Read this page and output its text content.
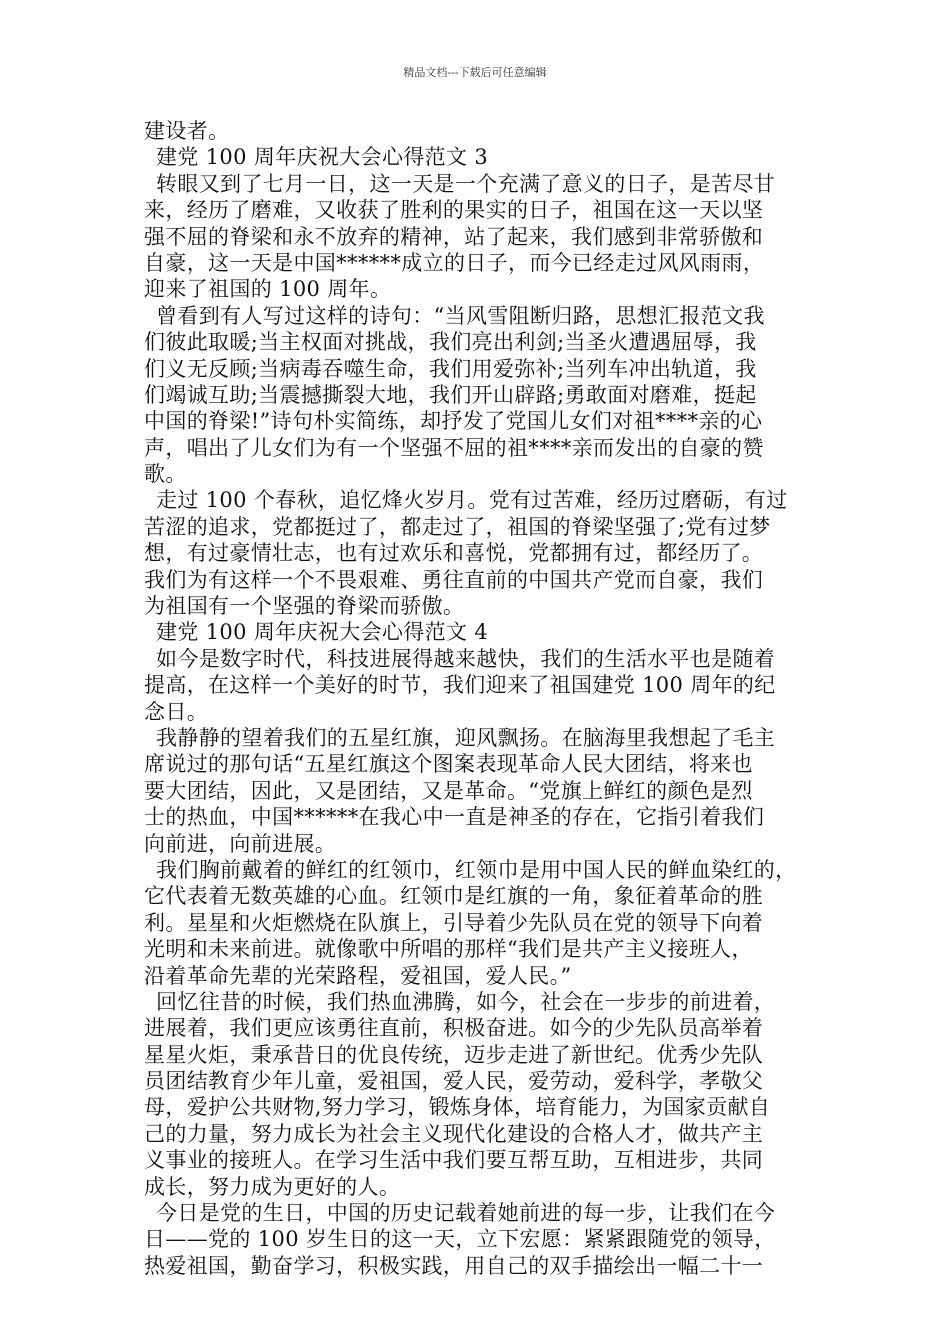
精品文档---下载后可任意编辑
建设者。
建党 100 周年庆祝大会心得范文 3
转眼又到了七月一日，这一天是一个充满了意义的日子，是苦尽甘
来，经历了磨难，又收获了胜利的果实的日子，祖国在这一天以坚
强不屈的脊梁和永不放弃的精神，站了起来，我们感到非常骄傲和
自豪，这一天是中国******成立的日子，而今已经走过风风雨雨，
迎来了祖国的 100 周年。
曾看到有人写过这样的诗句：“当风雪阻断归路，思想汇报范文我
们彼此取暖;当主权面对挑战，我们亮出利剑;当圣火遭遇屈辱，我
们义无反顾;当病毒吞噬生命，我们用爱弥补;当列车冲出轨道，我
们竭诚互助;当震撼撕裂大地，我们开山辟路;勇敢面对磨难，挺起
中国的脊梁!”诗句朴实简练，却抒发了党国儿女们对祖****亲的心
声，唱出了儿女们为有一个坚强不屈的祖****亲而发出的自豪的赞
歌。
走过 100 个春秋，追忆烽火岁月。党有过苦难，经历过磨砺，有过
苦涩的追求，党都挺过了，都走过了，祖国的脊梁坚强了;党有过梦
想，有过豪情壮志，也有过欢乐和喜悦，党都拥有过，都经历了。
我们为有这样一个不畏艰难、勇往直前的中国共产党而自豪，我们
为祖国有一个坚强的脊梁而骄傲。
建党 100 周年庆祝大会心得范文 4
如今是数字时代，科技进展得越来越快，我们的生活水平也是随着
提高，在这样一个美好的时节，我们迎来了祖国建党 100 周年的纪
念日。
我静静的望着我们的五星红旗，迎风飘扬。在脑海里我想起了毛主
席说过的那句话“五星红旗这个图案表现革命人民大团结，将来也
要大团结，因此，又是团结，又是革命。“党旗上鲜红的颜色是烈
士的热血，中国******在我心中一直是神圣的存在，它指引着我们
向前进，向前进展。
我们胸前戴着的鲜红的红领巾，红领巾是用中国人民的鲜血染红的，
它代表着无数英雄的心血。红领巾是红旗的一角，象征着革命的胜
利。星星和火炬燃烧在队旗上，引导着少先队员在党的领导下向着
光明和未来前进。就像歌中所唱的那样“我们是共产主义接班人，
沿着革命先辈的光荣路程，爱祖国，爱人民。”
回忆往昔的时候，我们热血沸腾，如今，社会在一步步的前进着，
进展着，我们更应该勇往直前，积极奋进。如今的少先队员高举着
星星火炬，秉承昔日的优良传统，迈步走进了新世纪。优秀少先队
员团结教育少年儿童，爱祖国，爱人民，爱劳动，爱科学，孝敬父
母，爱护公共财物,努力学习，锻炼身体，培育能力，为国家贡献自
己的力量，努力成长为社会主义现代化建设的合格人才，做共产主
义事业的接班人。在学习生活中我们要互帮互助，互相进步，共同
成长，努力成为更好的人。
今日是党的生日，中国的历史记载着她前进的每一步，让我们在今
日——党的 100 岁生日的这一天，立下宏愿：紧紧跟随党的领导，
热爱祖国，勤奋学习，积极实践，用自己的双手描绘出一幅二十一
